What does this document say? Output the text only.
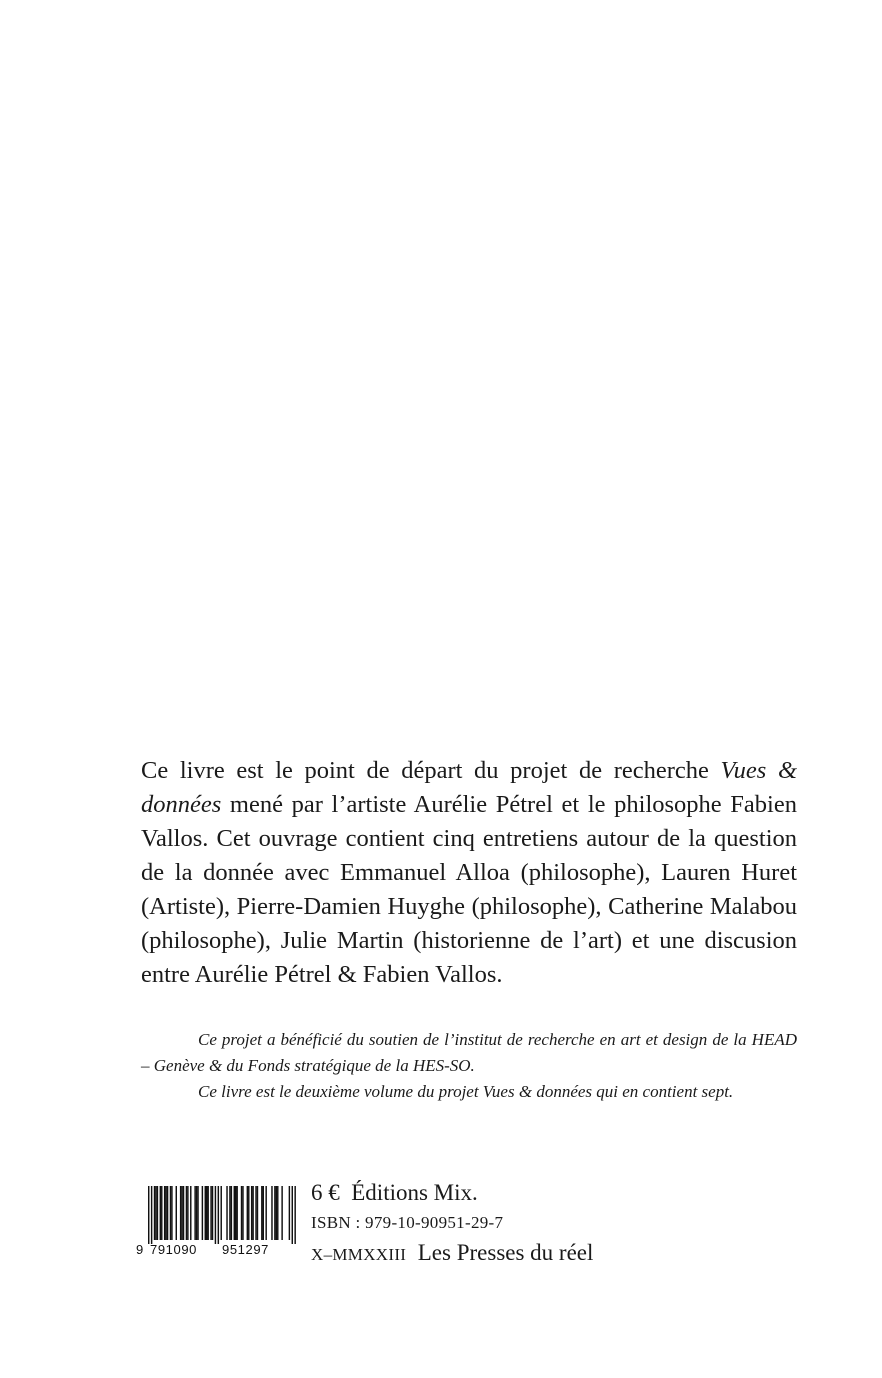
Ce livre est le point de départ du projet de recherche Vues & données mené par l’artiste Aurélie Pétrel et le philosophe Fabien Vallos. Cet ouvrage contient cinq entretiens autour de la question de la donnée avec Emmanuel Alloa (philosophe), Lauren Huret (Artiste), Pierre-Damien Huyghe (philosophe), Catherine Malabou (philosophe), Julie Martin (historienne de l’art) et une discusion entre Aurélie Pétrel & Fabien Vallos.

Ce projet a bénéficié du soutien de l’institut de recherche en art et design de la HEAD – Genève & du Fonds stratégique de la HES-SO.

Ce livre est le deuxième volume du projet Vues & données qui en contient sept.

9 791090 951297
6 € Éditions Mix.
ISBN : 979-10-90951-29-7
X–MMXXIII Les Presses du réel
